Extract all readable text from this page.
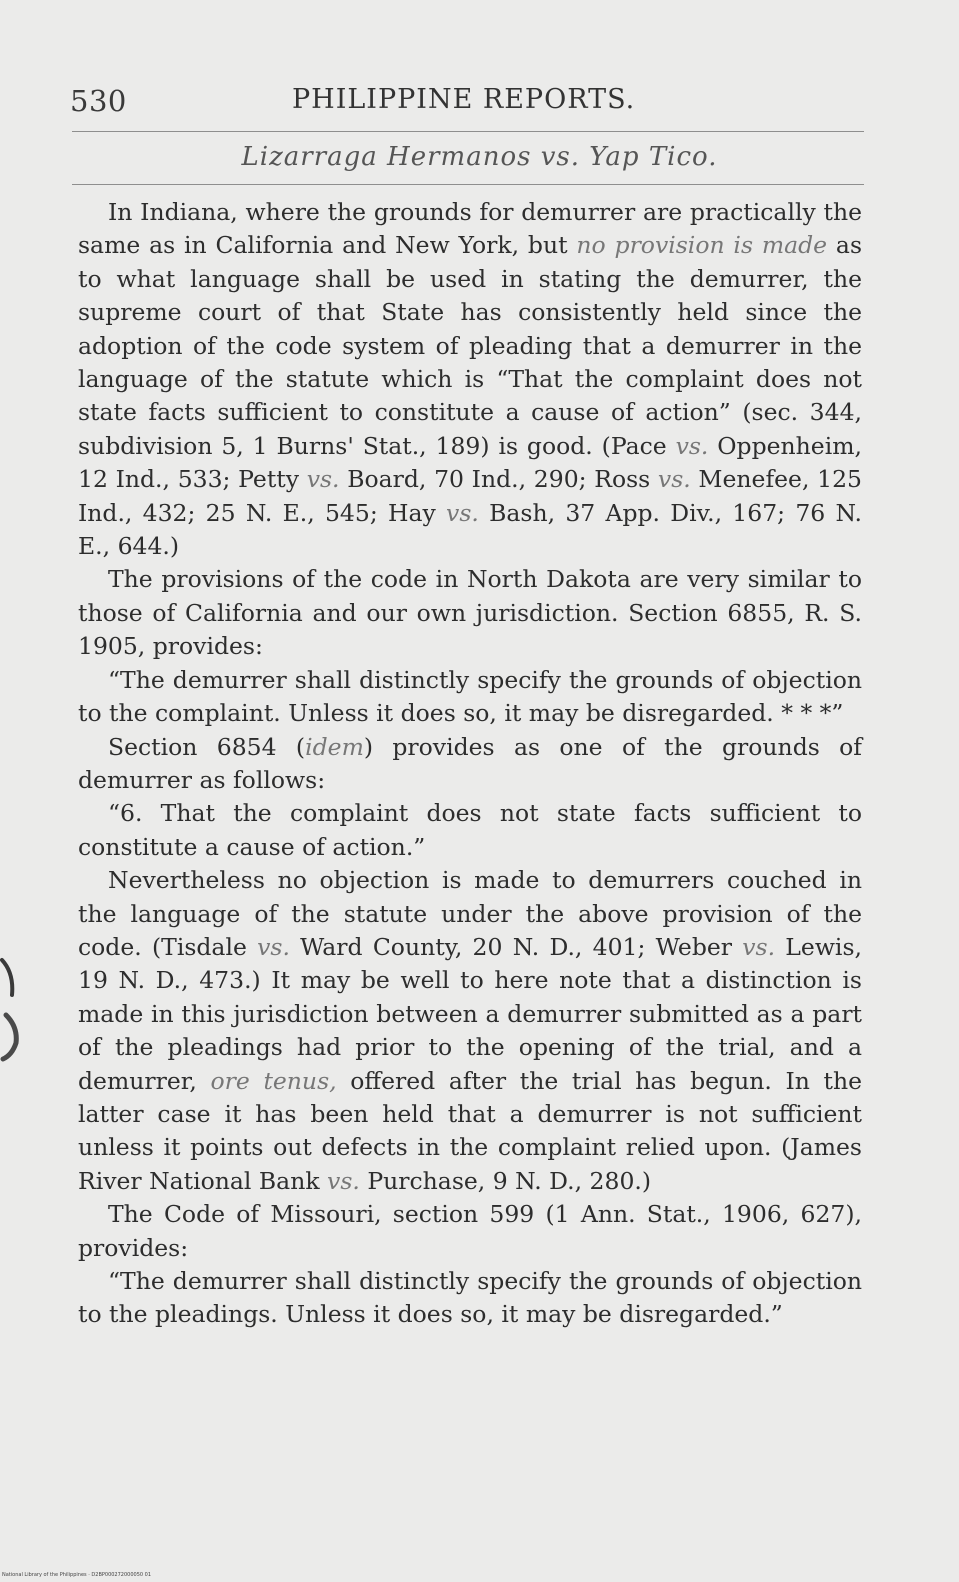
530	PHILIPPINE REPORTS.
Lizarraga Hermanos vs. Yap Tico.

In Indiana, where the grounds for demurrer are practically the same as in California and New York, but no provision is made as to what language shall be used in stating the demurrer, the supreme court of that State has consistently held since the adoption of the code system of pleading that a demurrer in the language of the statute which is “That the complaint does not state facts sufficient to constitute a cause of action” (sec. 344, subdivision 5, 1 Burns' Stat., 189) is good. (Pace vs. Oppenheim, 12 Ind., 533; Petty vs. Board, 70 Ind., 290; Ross vs. Menefee, 125 Ind., 432; 25 N. E., 545; Hay vs. Bash, 37 App. Div., 167; 76 N. E., 644.)

The provisions of the code in North Dakota are very similar to those of California and our own jurisdiction. Section 6855, R. S. 1905, provides:

“The demurrer shall distinctly specify the grounds of objection to the complaint. Unless it does so, it may be disregarded. * * *”

Section 6854 (idem) provides as one of the grounds of demurrer as follows:

“6. That the complaint does not state facts sufficient to constitute a cause of action.”

Nevertheless no objection is made to demurrers couched in the language of the statute under the above provision of the code. (Tisdale vs. Ward County, 20 N. D., 401; Weber vs. Lewis, 19 N. D., 473.) It may be well to here note that a distinction is made in this jurisdiction between a demurrer submitted as a part of the pleadings had prior to the opening of the trial, and a demurrer, ore tenus, offered after the trial has begun. In the latter case it has been held that a demurrer is not sufficient unless it points out defects in the complaint relied upon. (James River National Bank vs. Purchase, 9 N. D., 280.)

The Code of Missouri, section 599 (1 Ann. Stat., 1906, 627), provides:

“The demurrer shall distinctly specify the grounds of objection to the pleadings. Unless it does so, it may be disregarded.”

National Library of the Philippines · D2BP000272000050 01
